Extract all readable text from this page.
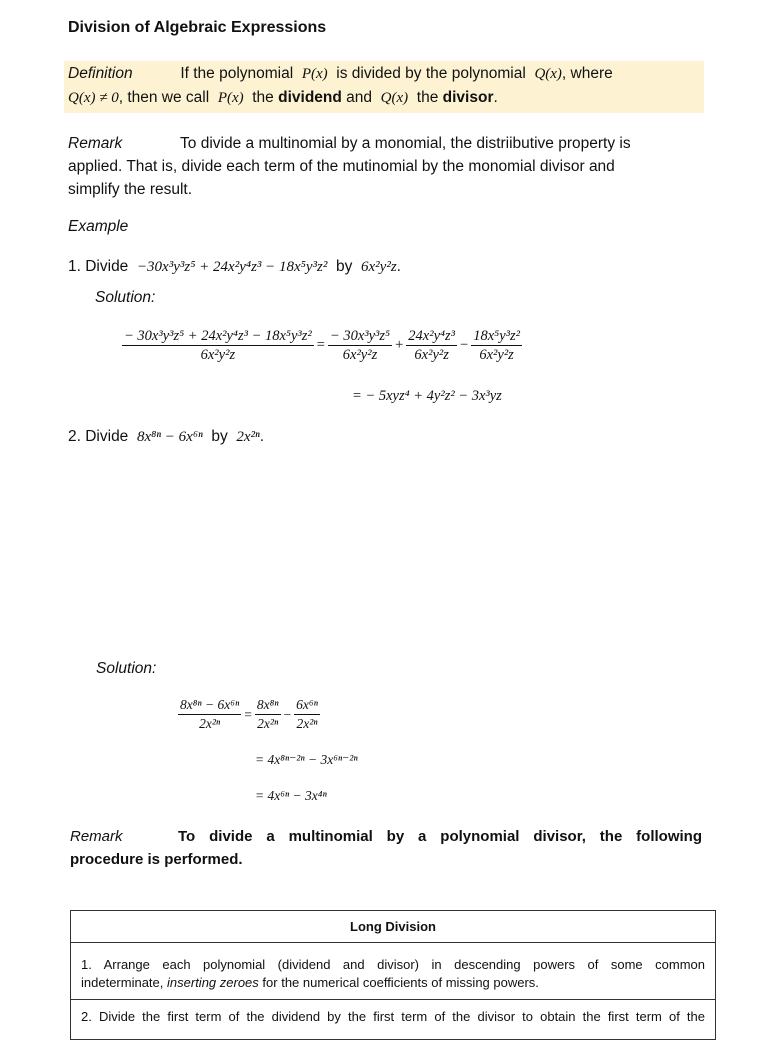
Division of Algebraic Expressions
Definition	If the polynomial P(x) is divided by the polynomial Q(x), where
Q(x) ≠ 0, then we call P(x) the dividend and Q(x) the divisor.
Remark	To divide a multinomial by a monomial, the distriibutive property is
applied. That is, divide each term of the mutinomial by the monomial divisor and
simplify the result.
Example
1. Divide −30x³y³z⁵ + 24x²y⁴z³ − 18x⁵y³z² by 6x²y²z.
Solution:
$\frac{\text{− 30x³y³z⁵ + 24x²y⁴z³ − 18x⁵y³z²}}{\text{6x²y²z}} = \frac{\text{− 30x³y³z⁵}}{\text{6x²y²z}} + \frac{\text{24x²y⁴z³}}{\text{6x²y²z}} - \frac{\text{18x⁵y³z²}}{\text{6x²y²z}}$
= − 5xyz⁴ + 4y²z² − 3x³yz
2. Divide 8x⁸ⁿ − 6x⁶ⁿ by 2x²ⁿ.
Solution:
$\frac{\text{8x⁸ⁿ − 6x⁶ⁿ}}{\text{2x²ⁿ}} = \frac{\text{8x⁸ⁿ}}{\text{2x²ⁿ}} - \frac{\text{6x⁶ⁿ}}{\text{2x²ⁿ}}$
= 4x⁸ⁿ⁻²ⁿ − 3x⁶ⁿ⁻²ⁿ
= 4x⁶ⁿ − 3x⁴ⁿ
Remark	To divide a multinomial by a polynomial divisor, the following
procedure is performed.
Long Division
1. Arrange each polynomial (dividend and divisor) in descending powers of some common
indeterminate, inserting zeroes for the numerical coefficients of missing powers.
2. Divide the first term of the dividend by the first term of the divisor to obtain the first term of the
